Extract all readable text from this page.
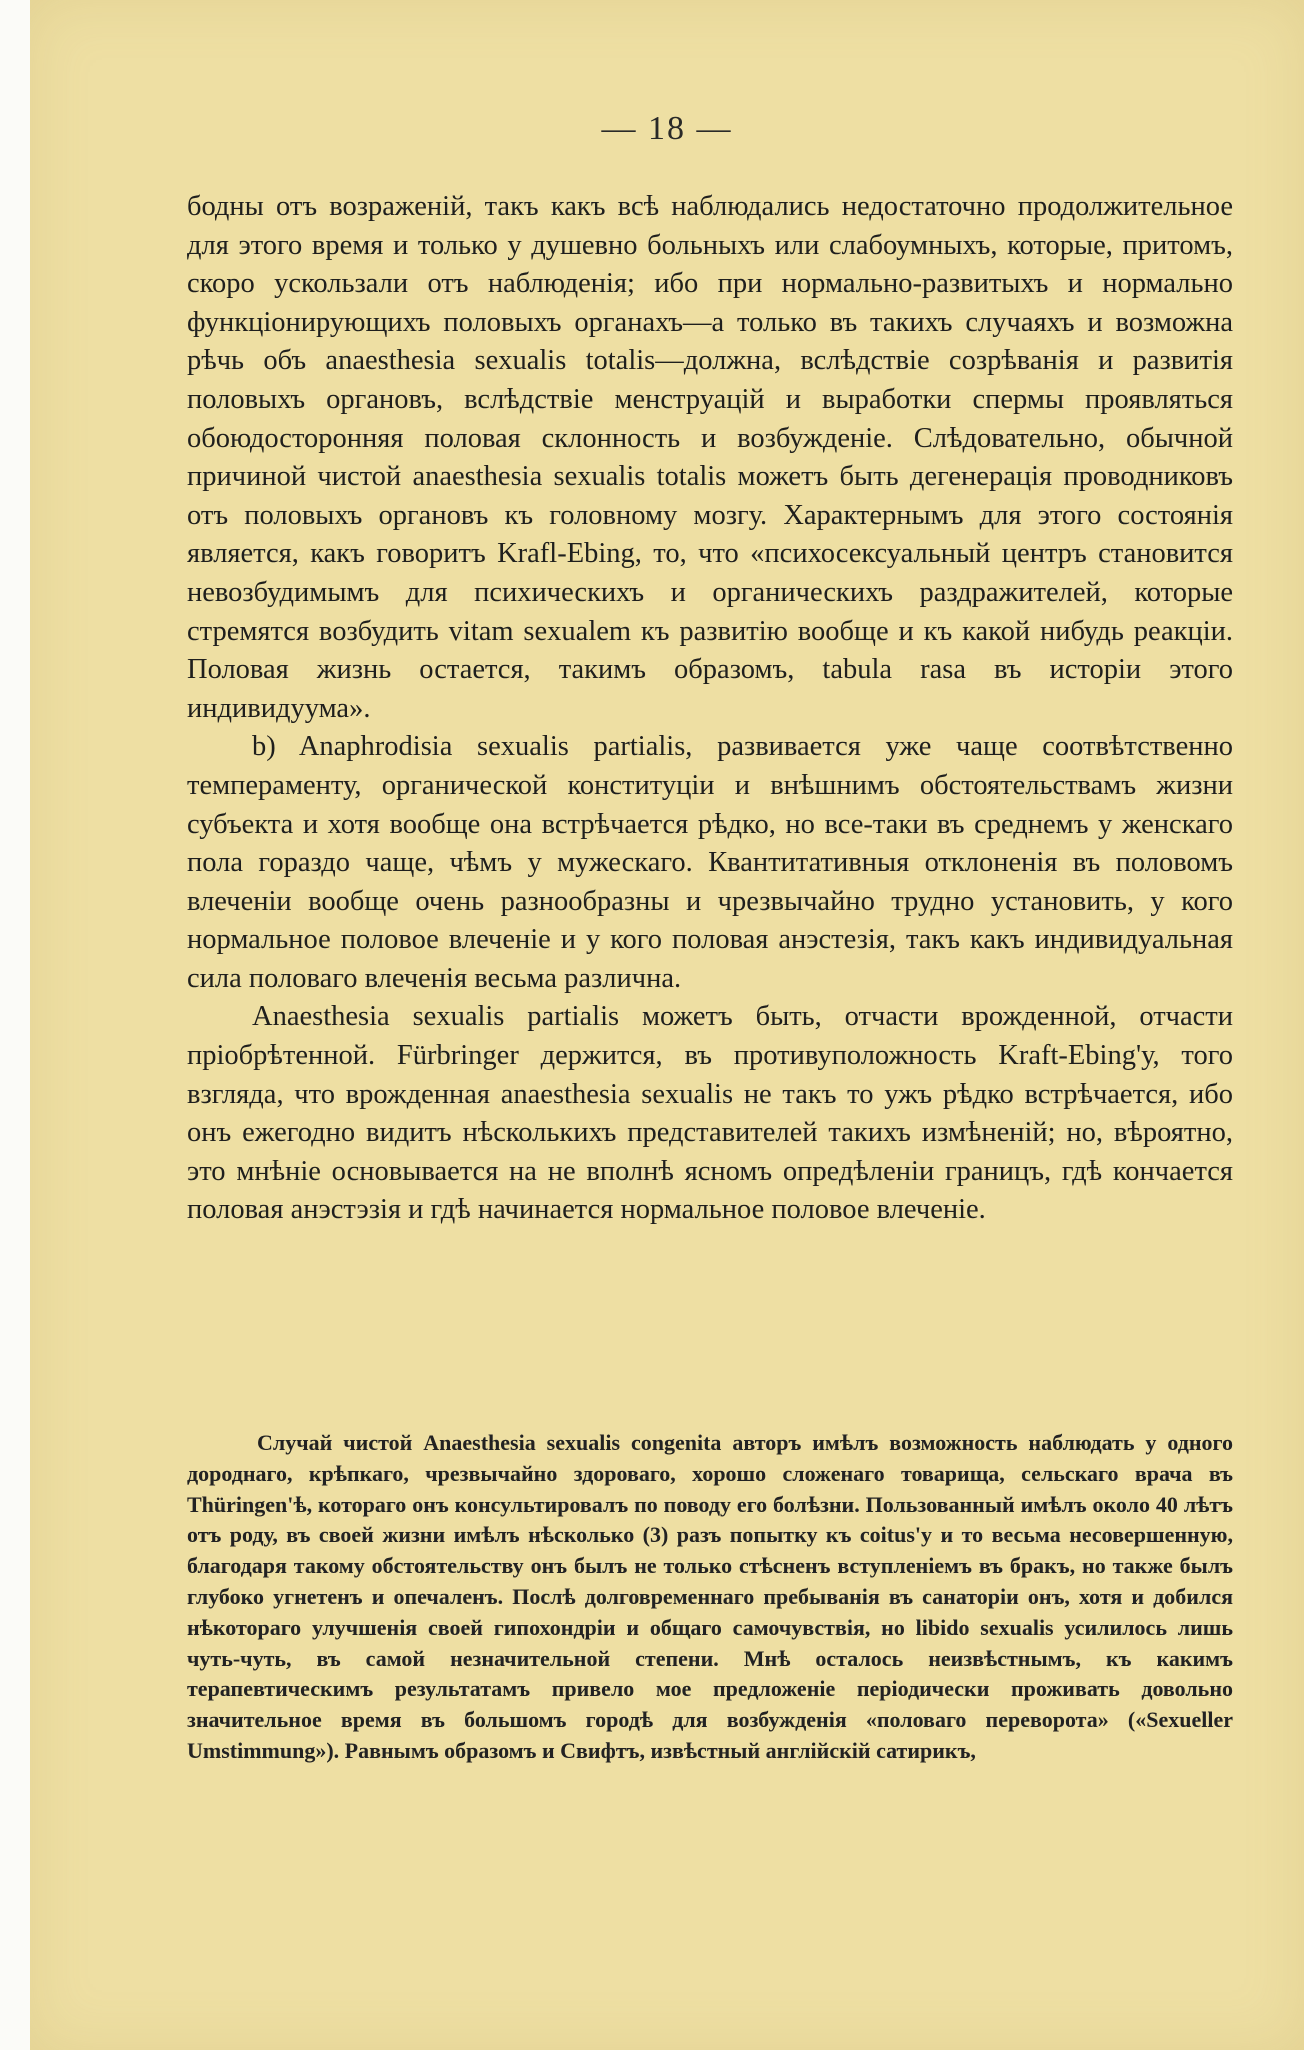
— 18 —

бодны отъ возраженій, такъ какъ всѣ наблюдались недостаточно продолжительное для этого время и только у душевно больныхъ или слабоумныхъ, которые, притомъ, скоро ускользали отъ наблюденія; ибо при нормально-развитыхъ и нормально функціонирующихъ половыхъ органахъ—а только въ такихъ случаяхъ и возможна рѣчь объ anaesthesia sexualis totalis—должна, вслѣдствіе созрѣванія и развитія половыхъ органовъ, вслѣдствіе менструацій и выработки спермы проявляться обоюдосторонняя половая склонность и возбужденіе. Слѣдовательно, обычной причиной чистой anaesthesia sexualis totalis можетъ быть дегенерація проводниковъ отъ половыхъ органовъ къ головному мозгу. Характернымъ для этого состоянія является, какъ говоритъ Krafl-Ebing, то, что «психосексуальный центръ становится невозбудимымъ для психическихъ и органическихъ раздражителей, которые стремятся возбудить vitam sexualem къ развитію вообще и къ какой нибудь реакціи. Половая жизнь остается, такимъ образомъ, tabula rasa въ исторіи этого индивидуума».

b) Anaphrodisia sexualis partialis, развивается уже чаще соотвѣтственно темпераменту, органической конституціи и внѣшнимъ обстоятельствамъ жизни субъекта и хотя вообще она встрѣчается рѣдко, но все-таки въ среднемъ у женскаго пола гораздо чаще, чѣмъ у мужескаго. Квантитативныя отклоненія въ половомъ влеченіи вообще очень разнообразны и чрезвычайно трудно установить, у кого нормальное половое влеченіе и у кого половая анэстезія, такъ какъ индивидуальная сила половаго влеченія весьма различна.

Anaesthesia sexualis partialis можетъ быть, отчасти врожденной, отчасти пріобрѣтенной. Fürbringer держится, въ противуположность Kraft-Ebing'у, того взгляда, что врожденная anaesthesia sexualis не такъ то ужъ рѣдко встрѣчается, ибо онъ ежегодно видитъ нѣсколькихъ представителей такихъ измѣненій; но, вѣроятно, это мнѣніе основывается на не вполнѣ ясномъ опредѣленіи границъ, гдѣ кончается половая анэстэзія и гдѣ начинается нормальное половое влеченіе.

Случай чистой Anaesthesia sexualis congenita авторъ имѣлъ возможность наблюдать у одного дороднаго, крѣпкаго, чрезвычайно здороваго, хорошо сложенаго товарища, сельскаго врача въ Thüringen'ѣ, котораго онъ консультировалъ по поводу его болѣзни. Пользованный имѣлъ около 40 лѣтъ отъ роду, въ своей жизни имѣлъ нѣсколько (3) разъ попытку къ coitus'у и то весьма несовершенную, благодаря такому обстоятельству онъ былъ не только стѣсненъ вступленіемъ въ бракъ, но также былъ глубоко угнетенъ и опечаленъ. Послѣ долговременнаго пребыванія въ санаторіи онъ, хотя и добился нѣкотораго улучшенія своей гипохондріи и общаго самочувствія, но libido sexualis усилилось лишь чуть-чуть, въ самой незначительной степени. Мнѣ осталось неизвѣстнымъ, къ какимъ терапевтическимъ результатамъ привело мое предложеніе періодически проживать довольно значительное время въ большомъ городѣ для возбужденія «половаго переворота» («Sexueller Umstimmung»). Равнымъ образомъ и Свифтъ, извѣстный англійскій сатирикъ,
